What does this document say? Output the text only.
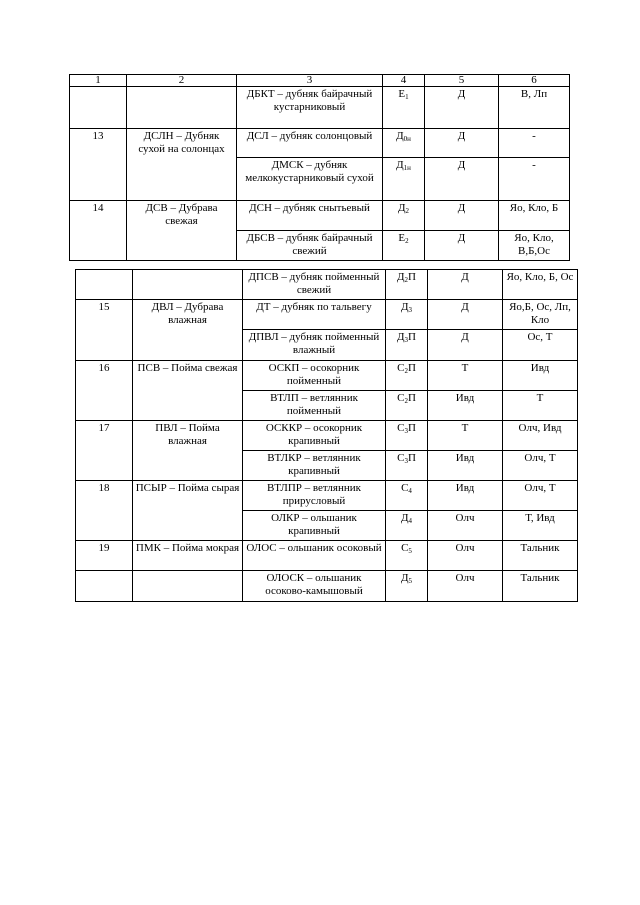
1	2	3	4	5	6
		ДБКТ – дубняк байрачный кустарниковый	$Е_1$	Д	В, Лп
13	ДСЛН – Дубняк сухой на солонцах	ДСЛ – дубняк солонцовый	$Д_{0н}$	Д	-
		ДМСК – дубняк мелкокустарниковый сухой	$Д_{1н}$	Д	-
14	ДСВ – Дубрава свежая	ДСН – дубняк снытьевый	$Д_2$	Д	Яо, Кло, Б
		ДБСВ – дубняк байрачный свежий	$Е_2$	Д	Яо, Кло, В,Б,Ос
		ДПСВ – дубняк пойменный свежий	$Д_2П$	Д	Яо, Кло, Б, Ос
15	ДВЛ – Дубрава влажная	ДТ – дубняк по тальвегу	$Д_3$	Д	Яо,Б, Ос, Лп, Кло
		ДПВЛ – дубняк пойменный влажный	$Д_3П$	Д	Ос, Т
16	ПСВ – Пойма свежая	ОСКП – осокорник пойменный	$С_2П$	Т	Ивд
		ВТЛП – ветлянник пойменный	$С_2П$	Ивд	Т
17	ПВЛ – Пойма влажная	ОСККР – осокорник крапивный	$С_3П$	Т	Олч, Ивд
		ВТЛКР – ветлянник крапивный	$С_3П$	Ивд	Олч, Т
18	ПСЫР – Пойма сырая	ВТЛПР – ветлянник прирусловый	$С_4$	Ивд	Олч, Т
		ОЛКР – ольшаник крапивный	$Д_4$	Олч	Т, Ивд
19	ПМК – Пойма мокрая	ОЛОС – ольшаник осоковый	$С_5$	Олч	Тальник
		ОЛОСК – ольшаник осоково-камышовый	$Д_5$	Олч	Тальник
